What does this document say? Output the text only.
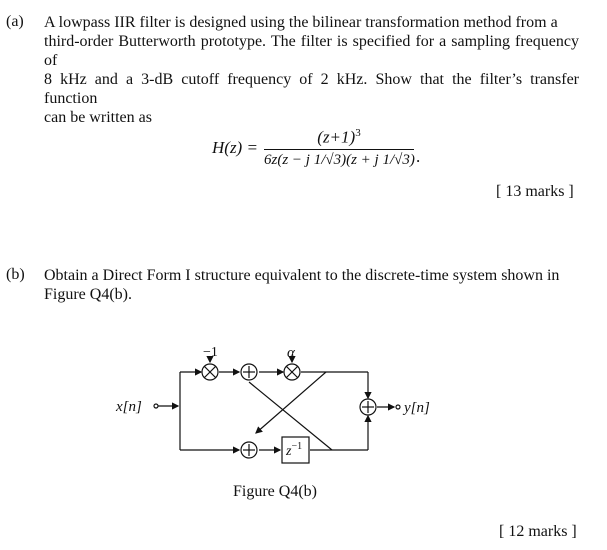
(a) A lowpass IIR filter is designed using the bilinear transformation method from a
third-order Butterworth prototype. The filter is specified for a sampling frequency of
8 kHz and a 3-dB cutoff frequency of 2 kHz. Show that the filter’s transfer function
can be written as
H(z) =
$(z+1)^3$
6z(z − j 1/√3)(z + j 1/√3) .
[ 13 marks ]
(b) Obtain a Direct Form I structure equivalent to the discrete-time system shown in
Figure Q4(b).
−1	α
x[n]	y[n]
$z^{-1}$
Figure Q4(b)
[ 12 marks ]
